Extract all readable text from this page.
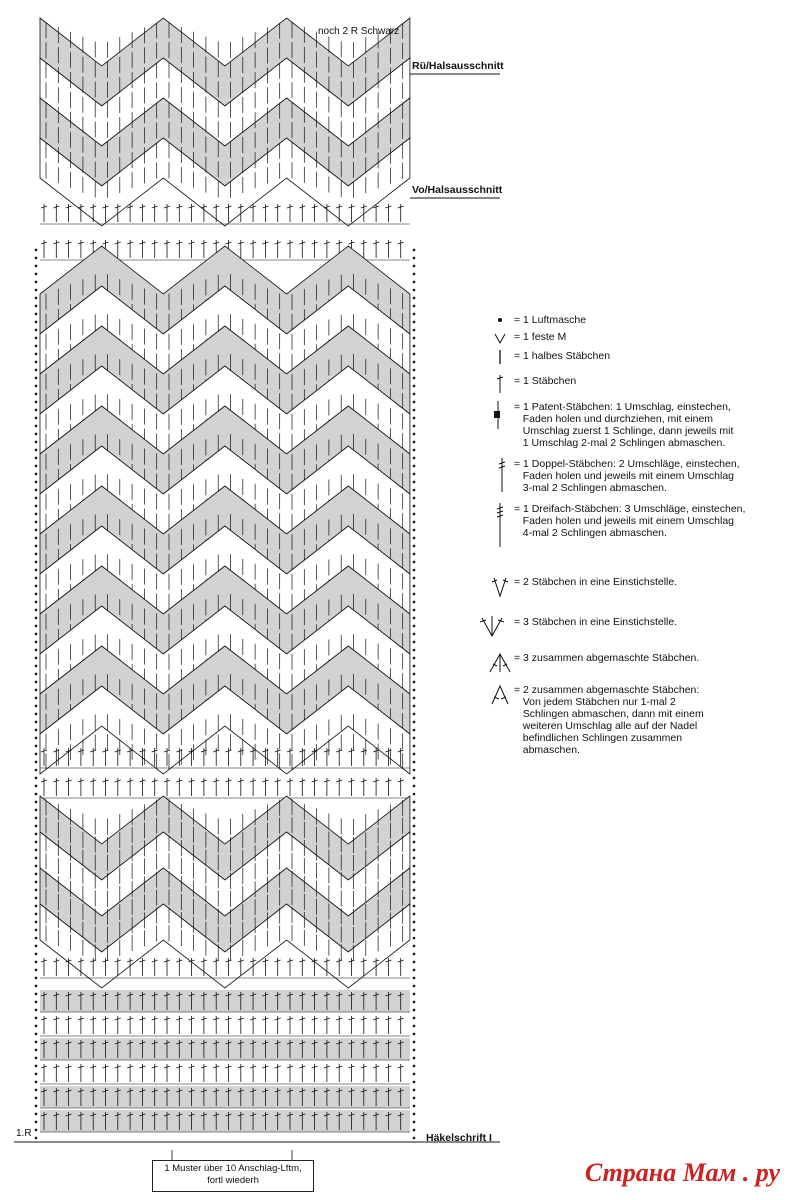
noch 2 R Schwarz
Rü/Halsausschnitt
Vo/Halsausschnitt
1.R	Häkelschrift I
1 Muster über 10 Anschlag-Lftm,
fortl wiederh
= 1 Luftmasche
= 1 feste M
= 1 halbes Stäbchen
= 1 Stäbchen
= 1 Patent-Stäbchen: 1 Umschlag, einstechen,
Faden holen und durchziehen, mit einem
Umschlag zuerst 1 Schlinge, dann jeweils mit
1 Umschlag 2-mal 2 Schlingen abmaschen.
= 1 Doppel-Stäbchen: 2 Umschläge, einstechen,
Faden holen und jeweils mit einem Umschlag
3-mal 2 Schlingen abmaschen.
= 1 Dreifach-Stäbchen: 3 Umschläge, einstechen,
Faden holen und jeweils mit einem Umschlag
4-mal 2 Schlingen abmaschen.
= 2 Stäbchen in eine Einstichstelle.
= 3 Stäbchen in eine Einstichstelle.
= 3 zusammen abgemaschte Stäbchen.
= 2 zusammen abgemaschte Stäbchen:
Von jedem Stäbchen nur 1-mal 2
Schlingen abmaschen, dann mit einem
weiteren Umschlag alle auf der Nadel
befindlichen Schlingen zusammen
abmaschen.
Страна Мам . ру
